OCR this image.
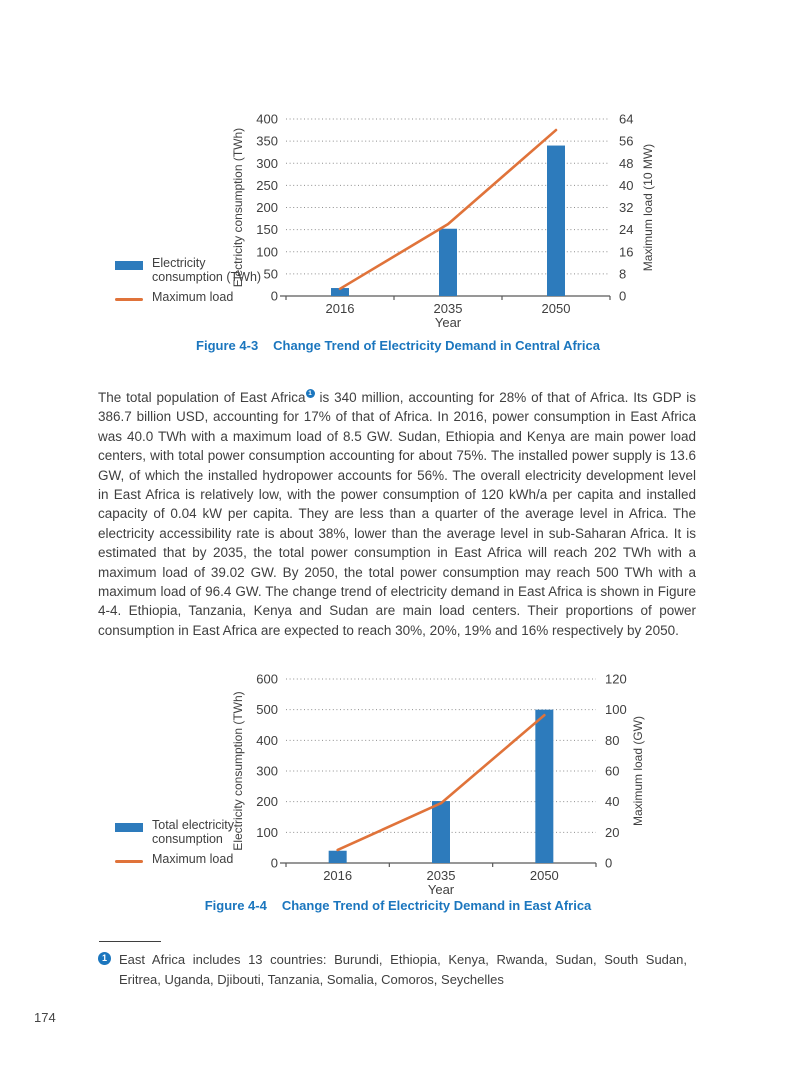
Electricity consumption (TWh)
Maximum load	0
50
100
150
200
250
300
350
400
0
8
16
24
32
40
48
56
64
2016	2035	2050
Year
Electricity consumption (TWh)	Maximum load (10 MW)
Figure 4-3 Change Trend of Electricity Demand in Central Africa

The total population of East Africa 1 is 340 million, accounting for 28% of that of Africa. Its GDP is 386.7 billion USD, accounting for 17% of that of Africa. In 2016, power consumption in East Africa was 40.0 TWh with a maximum load of 8.5 GW. Sudan, Ethiopia and Kenya are main power load centers, with total power consumption accounting for about 75%. The installed power supply is 13.6 GW, of which the installed hydropower accounts for 56%. The overall electricity development level in East Africa is relatively low, with the power consumption of 120 kWh/a per capita and installed capacity of 0.04 kW per capita. They are less than a quarter of the average level in Africa. The electricity accessibility rate is about 38%, lower than the average level in sub-Saharan Africa. It is estimated that by 2035, the total power consumption in East Africa will reach 202 TWh with a maximum load of 39.02 GW. By 2050, the total power consumption may reach 500 TWh with a maximum load of 96.4 GW. The change trend of electricity demand in East Africa is shown in Figure 4-4. Ethiopia, Tanzania, Kenya and Sudan are main load centers. Their proportions of power consumption in East Africa are expected to reach 30%, 20%, 19% and 16% respectively by 2050.

Total electricity consumption
Maximum load	0
100
200
300
400
500
600
0
20
40
60
80
100
120
2016	2035	2050
Year
Electricity consumption (TWh)	Maximum load (GW)
Figure 4-4 Change Trend of Electricity Demand in East Africa
1 East Africa includes 13 countries: Burundi, Ethiopia, Kenya, Rwanda, Sudan, South Sudan, Eritrea, Uganda, Djibouti, Tanzania, Somalia, Comoros, Seychelles
174
